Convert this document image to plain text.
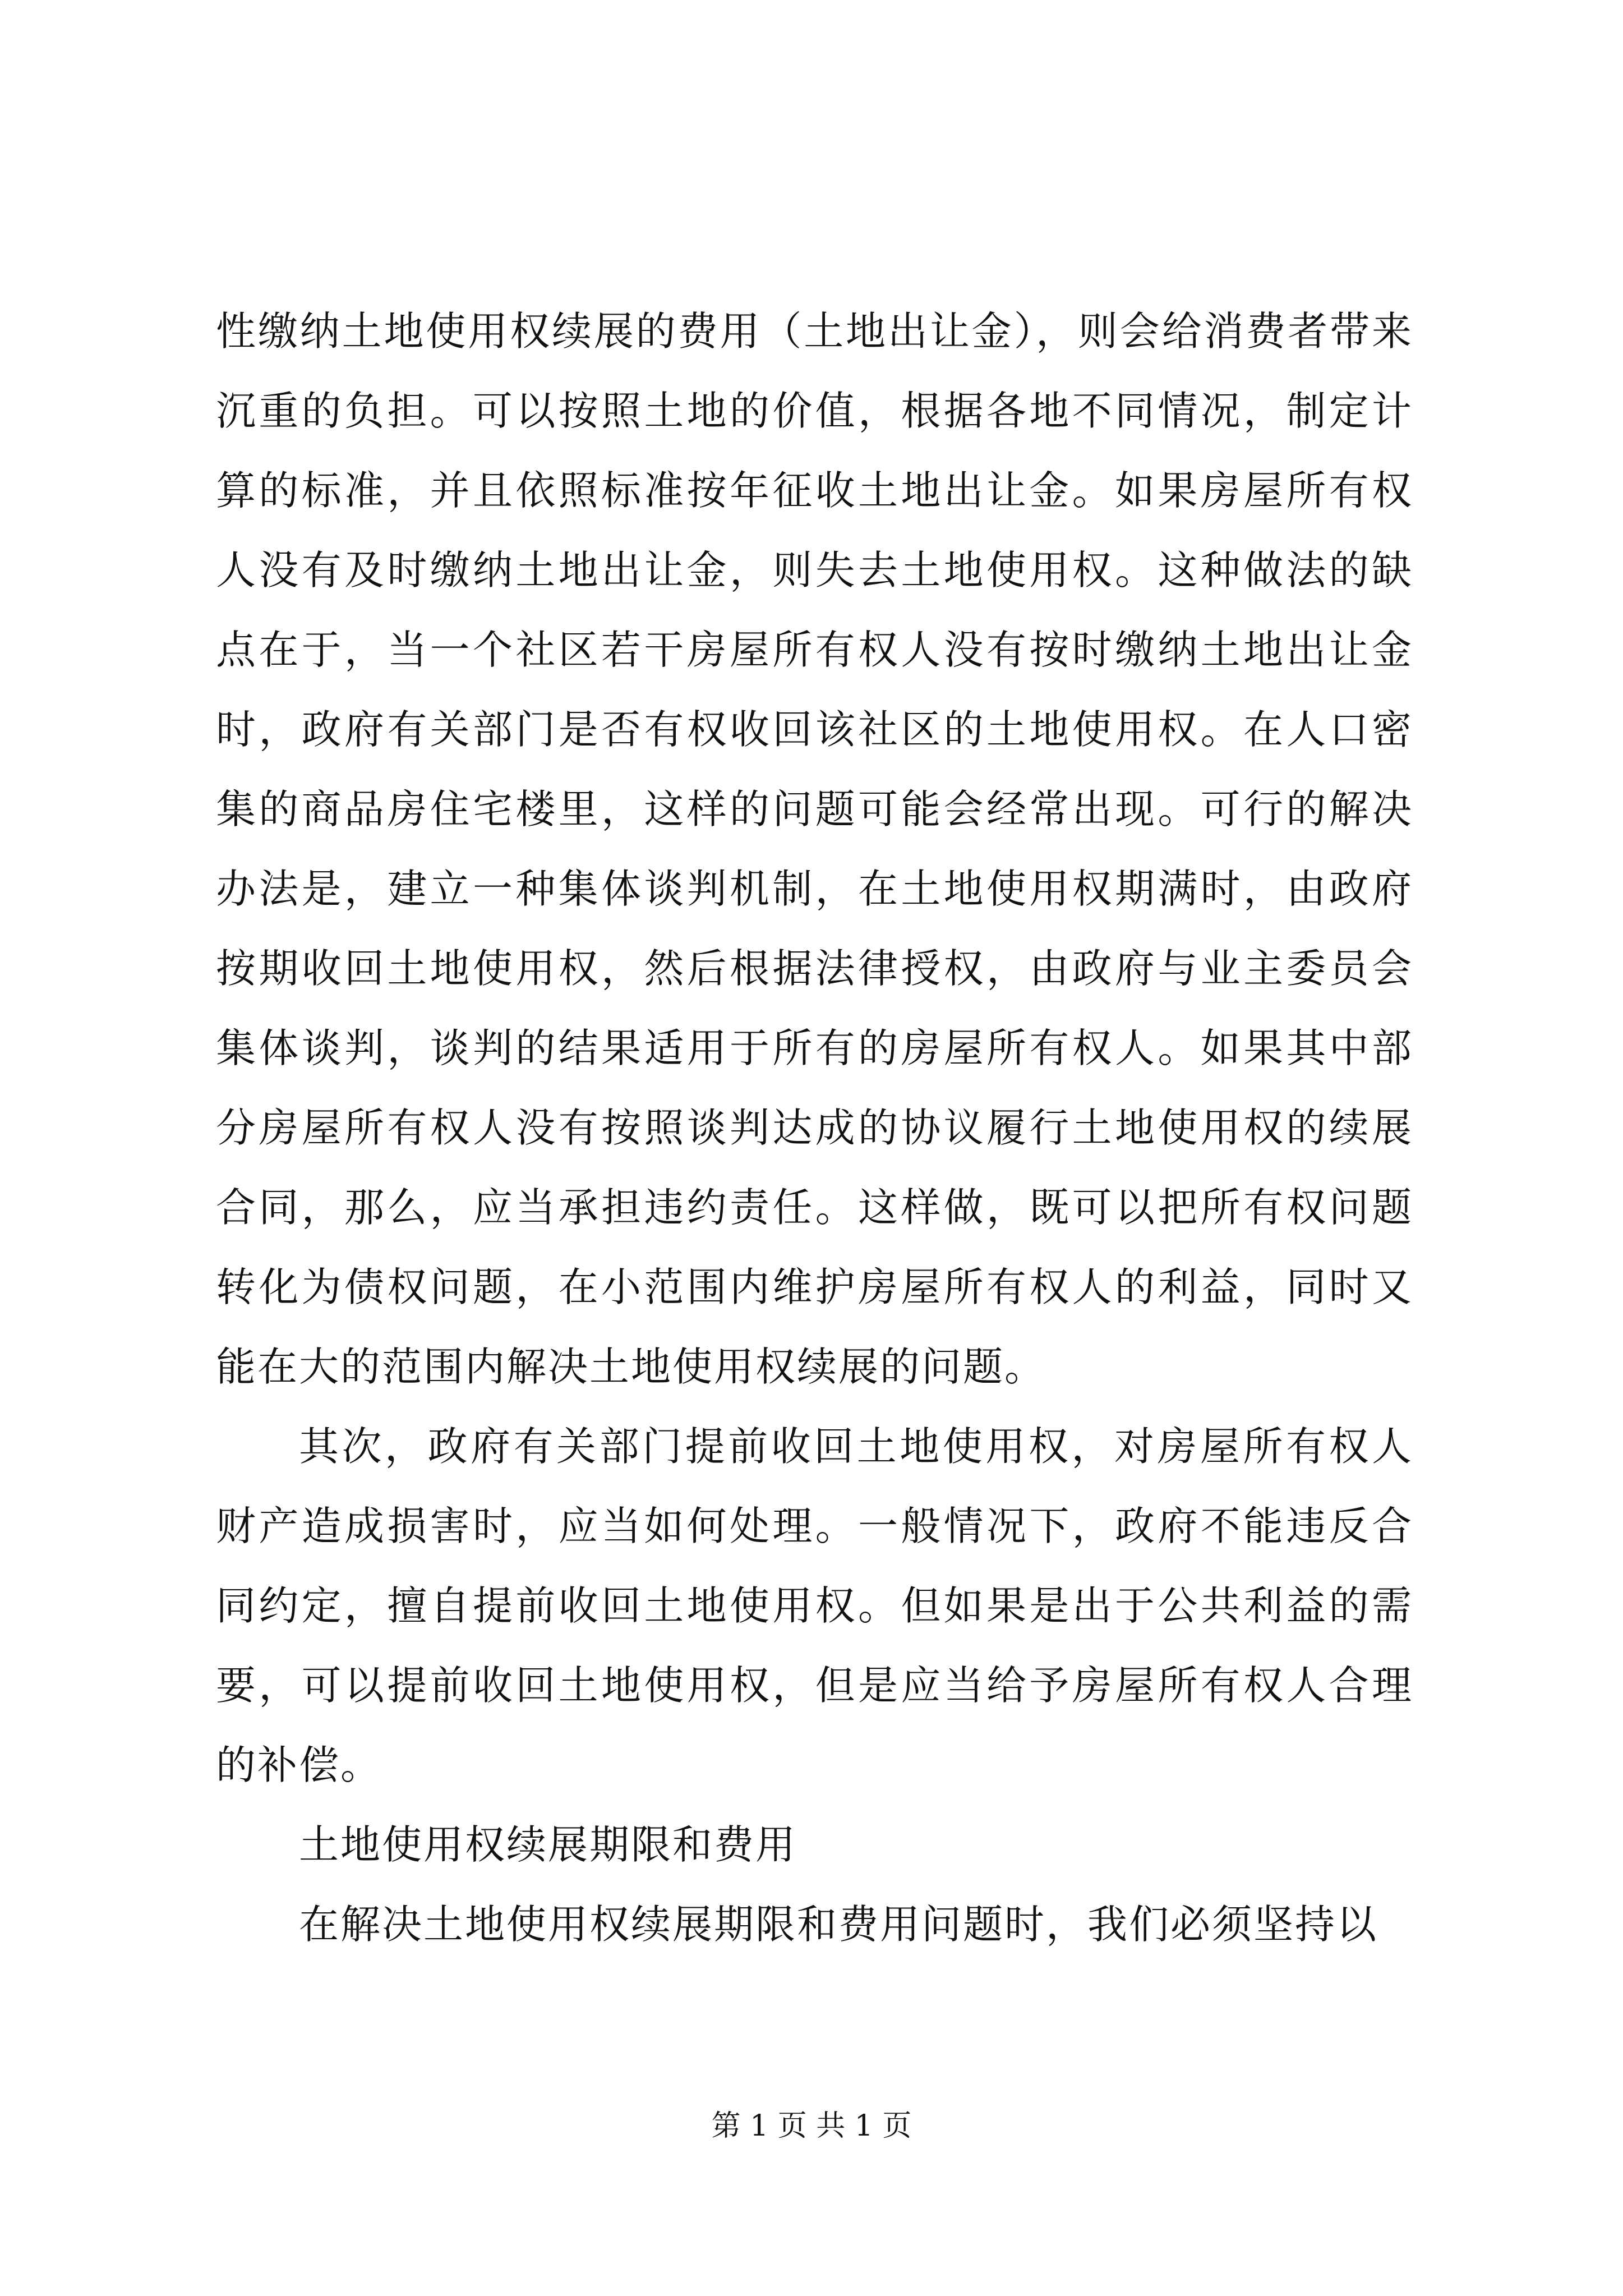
性缴纳土地使用权续展的费用（土地出让金），则会给消费者带来沉重的负担。可以按照土地的价值，根据各地不同情况，制定计算的标准，并且依照标准按年征收土地出让金。如果房屋所有权人没有及时缴纳土地出让金，则失去土地使用权。这种做法的缺点在于，当一个社区若干房屋所有权人没有按时缴纳土地出让金时，政府有关部门是否有权收回该社区的土地使用权。在人口密集的商品房住宅楼里，这样的问题可能会经常出现。可行的解决办法是，建立一种集体谈判机制，在土地使用权期满时，由政府按期收回土地使用权，然后根据法律授权，由政府与业主委员会集体谈判，谈判的结果适用于所有的房屋所有权人。如果其中部分房屋所有权人没有按照谈判达成的协议履行土地使用权的续展合同，那么，应当承担违约责任。这样做，既可以把所有权问题转化为债权问题，在小范围内维护房屋所有权人的利益，同时又能在大的范围内解决土地使用权续展的问题。

其次，政府有关部门提前收回土地使用权，对房屋所有权人财产造成损害时，应当如何处理。一般情况下，政府不能违反合同约定，擅自提前收回土地使用权。但如果是出于公共利益的需要，可以提前收回土地使用权，但是应当给予房屋所有权人合理的补偿。

土地使用权续展期限和费用

在解决土地使用权续展期限和费用问题时，我们必须坚持以

第 1 页 共 1 页
